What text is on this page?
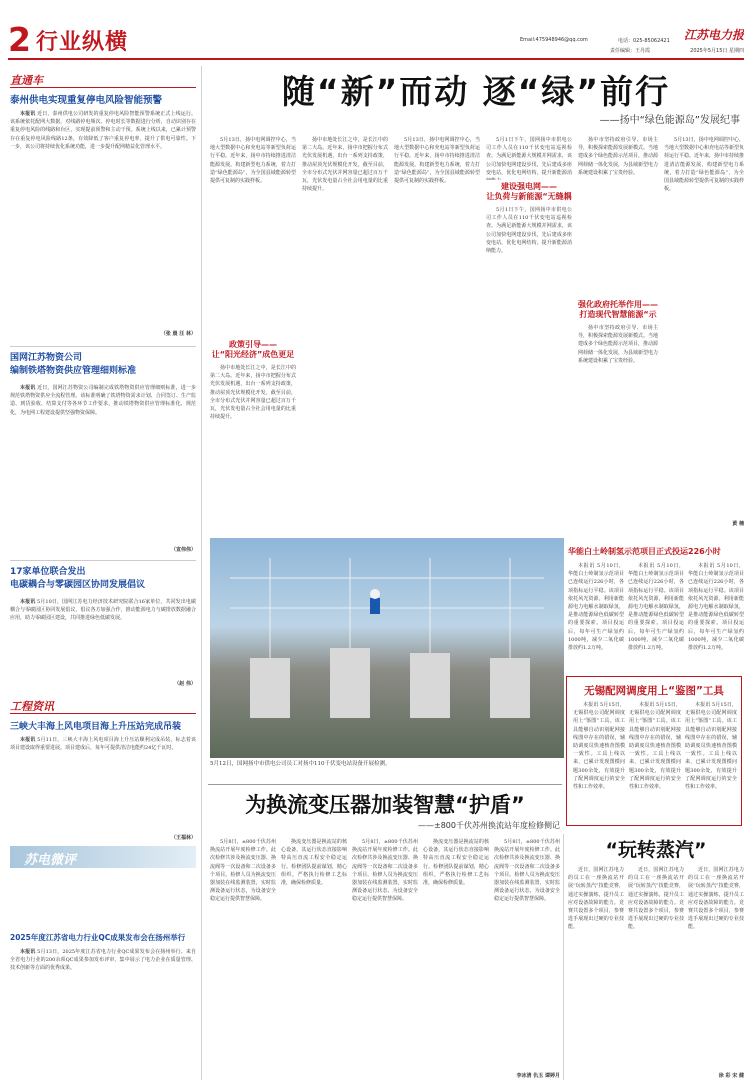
2 行业纵横	Email:475948946@qq.com	电话：025-85062421
责任编辑：王丹霞
江苏电力报
2025年5月15日 星期四
直通车
泰州供电实现重复停电风险智能预警

本报讯 近日，泰州供电公司研发的重复停电风险智能预警系统正式上线运行。该系统依托配网大数据，对线路停电频次、停电时长等数据进行分析，自动识别存在重复停电风险的线路和台区，实现提前预警和主动干预。系统上线以来，已累计预警存在重复停电风险线路12条，有效降低了客户重复停电率，提升了供电可靠性。下一步，该公司将持续优化系统功能，进一步提升配网精益化管理水平。

（张 晨 汪 林）
国网江苏物资公司
编制铁塔物资供应管理细则标准

本报讯 近日，国网江苏物资公司编制完成铁塔物资供应管理细则标准，进一步规范铁塔物资供应全流程管理。该标准明确了铁塔物资需求计划、合同签订、生产监造、到货验收、结算支付等各环节工作要求，推动铁塔物资供应管理标准化、规范化，为电网工程建设提供坚强物资保障。

（宣伟伟）
17家单位联合发出
电碳耦合与零碳园区协同发展倡议

本报讯 5月10日，国网江苏电力经济技术研究院联合16家单位，共同发出电碳耦合与零碳园区协同发展倡议，倡议各方加强合作，推动能源电力与碳排放数据融合应用，助力零碳园区建设，共同推进绿色低碳发展。

（赵 伟）
工程资讯
三峡大丰海上风电项目海上升压站完成吊装

本报讯 5月11日，三峡大丰海上风电项目海上升压站顺利完成吊装，标志着该项目建设取得重要进展。项目建成后，每年可提供清洁电能约24亿千瓦时。

（王福林）
苏电微评
2025年度江苏省电力行业QC成果发布会在扬州举行

本报讯 5月13日，2025年度江苏省电力行业QC成果发布会在扬州举行。来自全省电力行业的200余项QC成果参加发布评审，集中展示了电力企业在质量管理、技术创新等方面的优秀成果。

随“新”而动 逐“绿”前行
——扬中“绿色能源岛”发展纪事

5月13日，扬中电网调控中心，当地大型数据中心和充电站等新型负荷运行平稳。近年来，扬中市持续推进清洁能源发展，构建新型电力系统，着力打造“绿色能源岛”，为全国县域能源转型提供可复制的实践样板。

政策引导——
让“阳光经济”成色更足

扬中市地处长江之中，是长江中的第二大岛。近年来，扬中市把握分布式光伏发展机遇，出台一系列支持政策，推动屋顶光伏规模化开发。截至目前，全市分布式光伏并网容量已超过百万千瓦，光伏发电量占全社会用电量的比重持续提升。

扬中市地处长江之中，是长江中的第二大岛。近年来，扬中市把握分布式光伏发展机遇，出台一系列支持政策，推动屋顶光伏规模化开发。截至目前，全市分布式光伏并网容量已超过百万千瓦，光伏发电量占全社会用电量的比重持续提升。

5月13日，扬中电网调控中心，当地大型数据中心和充电站等新型负荷运行平稳。近年来，扬中市持续推进清洁能源发展，构建新型电力系统，着力打造“绿色能源岛”，为全国县域能源转型提供可复制的实践样板。

5月1日下午，国网扬中市供电公司工作人员在110千伏变电站巡视检查。为满足新能源大规模并网需求，该公司加快电网建设步伐，先后建成多座变电站，优化电网结构，提升新能源消

建设强电网——
让负荷与新能源“无缝耦

5月1日下午，国网扬中市供电公司工作人员在110千伏变电站巡视检查。为满足新能源大规模并网需求，该公司加快电网建设步伐，先后建成多座变电站，优化电网结构，提升新能源消纳能力。

扬中市坚持政府引导、市场主导，积极探索能源发展新模式。当地建成多个绿色能源示范项目，推动源网荷储一体化发展，为县域新型电力系统建设积累了宝贵经验。

强化政府托举作用——
打造现代智慧能源“示

扬中市坚持政府引导、市场主导，积极探索能源发展新模式。当地建成多个绿色能源示范项目，推动源网荷储一体化发展，为县域新型电力系统建设积累了宝贵经验。

5月13日，扬中电网调控中心，当地大型数据中心和充电站等新型负荷运行平稳。近年来，扬中市持续推进清洁能源发展，构建新型电力系统，着力打造“绿色能源岛”，为全国县域能源转型提供可复制的实践样板。

黄 楠

5月12日，国网扬中市供电公司员工对扬中110千伏变电站设备开展检测。

华能白土岭制氢示范项目正式投运226小时

本报讯 5月10日，华能白土岭制氢示范项目已连续运行226小时，各项指标运行平稳。该项目依托风光资源，利用新能源电力电解水制取绿氢，是推动能源绿色低碳转型的重要探索。项目投运后，每年可生产绿氢约1000吨，减少二氧化碳排放约1.2万吨。

本报讯 5月10日，华能白土岭制氢示范项目已连续运行226小时，各项指标运行平稳。该项目依托风光资源，利用新能源电力电解水制取绿氢，是推动能源绿色低碳转型的重要探索。项目投运后，每年可生产绿氢约1000吨，减少二氧化碳排放约1.2万吨。

本报讯 5月10日，华能白土岭制氢示范项目已连续运行226小时，各项指标运行平稳。该项目依托风光资源，利用新能源电力电解水制取绿氢，是推动能源绿色低碳转型的重要探索。项目投运后，每年可生产绿氢约1000吨，减少二氧化碳排放约1.2万吨。

无锡配网调度用上“鉴图”工具

本报讯 5月15日，无锡供电公司配网调度用上“鉴图”工具。该工具能够自动识别配网接线图中存在的错误，辅助调度员快速核查图模一致性。工具上线以来，已累计发现图模问题300余处，有效提升了配网调度运行的安全性和工作效率。

本报讯 5月15日，无锡供电公司配网调度用上“鉴图”工具。该工具能够自动识别配网接线图中存在的错误，辅助调度员快速核查图模一致性。工具上线以来，已累计发现图模问题300余处，有效提升了配网调度运行的安全性和工作效率。

本报讯 5月15日，无锡供电公司配网调度用上“鉴图”工具。该工具能够自动识别配网接线图中存在的错误，辅助调度员快速核查图模一致性。工具上线以来，已累计发现图模问题300余处，有效提升了配网调度运行的安全性和工作效率。

为换流变压器加装智慧“护盾”
——±800千伏苏州换流站年度检修侧记

5月8日，±800千伏苏州换流站开展年度检修工作。此次检修共涉及换流变压器、换流阀等一次设备和二次设备多个项目。检修人员为换流变压器加装在线监测装置，实时监测设备运行状态，为设备安全稳定运行提供智慧保障。

换流变压器是换流站的核心设备，其运行状态直接影响特高压直流工程安全稳定运行。检修团队提前谋划，精心组织，严格执行检修工艺标准，确保检修质量。

5月8日，±800千伏苏州换流站开展年度检修工作。此次检修共涉及换流变压器、换流阀等一次设备和二次设备多个项目。检修人员为换流变压器加装在线监测装置，实时监测设备运行状态，为设备安全稳定运行提供智慧保障。

换流变压器是换流站的核心设备，其运行状态直接影响特高压直流工程安全稳定运行。检修团队提前谋划，精心组织，严格执行检修工艺标准，确保检修质量。

5月8日，±800千伏苏州换流站开展年度检修工作。此次检修共涉及换流变压器、换流阀等一次设备和二次设备多个项目。检修人员为换流变压器加装在线监测装置，实时监测设备运行状态，为设备安全稳定运行提供智慧保障。

李冰清 仇玉 谭婷月
“玩转蒸汽”

近日，国网江苏电力的员工在一座换流站开展“玩转蒸汽”技能竞赛，通过实操演练，提升员工应对设备故障的能力。竞赛共设置多个项目，参赛选手展现出过硬的专业技能。

近日，国网江苏电力的员工在一座换流站开展“玩转蒸汽”技能竞赛，通过实操演练，提升员工应对设备故障的能力。竞赛共设置多个项目，参赛选手展现出过硬的专业技能。

近日，国网江苏电力的员工在一座换流站开展“玩转蒸汽”技能竞赛，通过实操演练，提升员工应对设备故障的能力。竞赛共设置多个项目，参赛选手展现出过硬的专业技能。

徐 彩 宋 健
